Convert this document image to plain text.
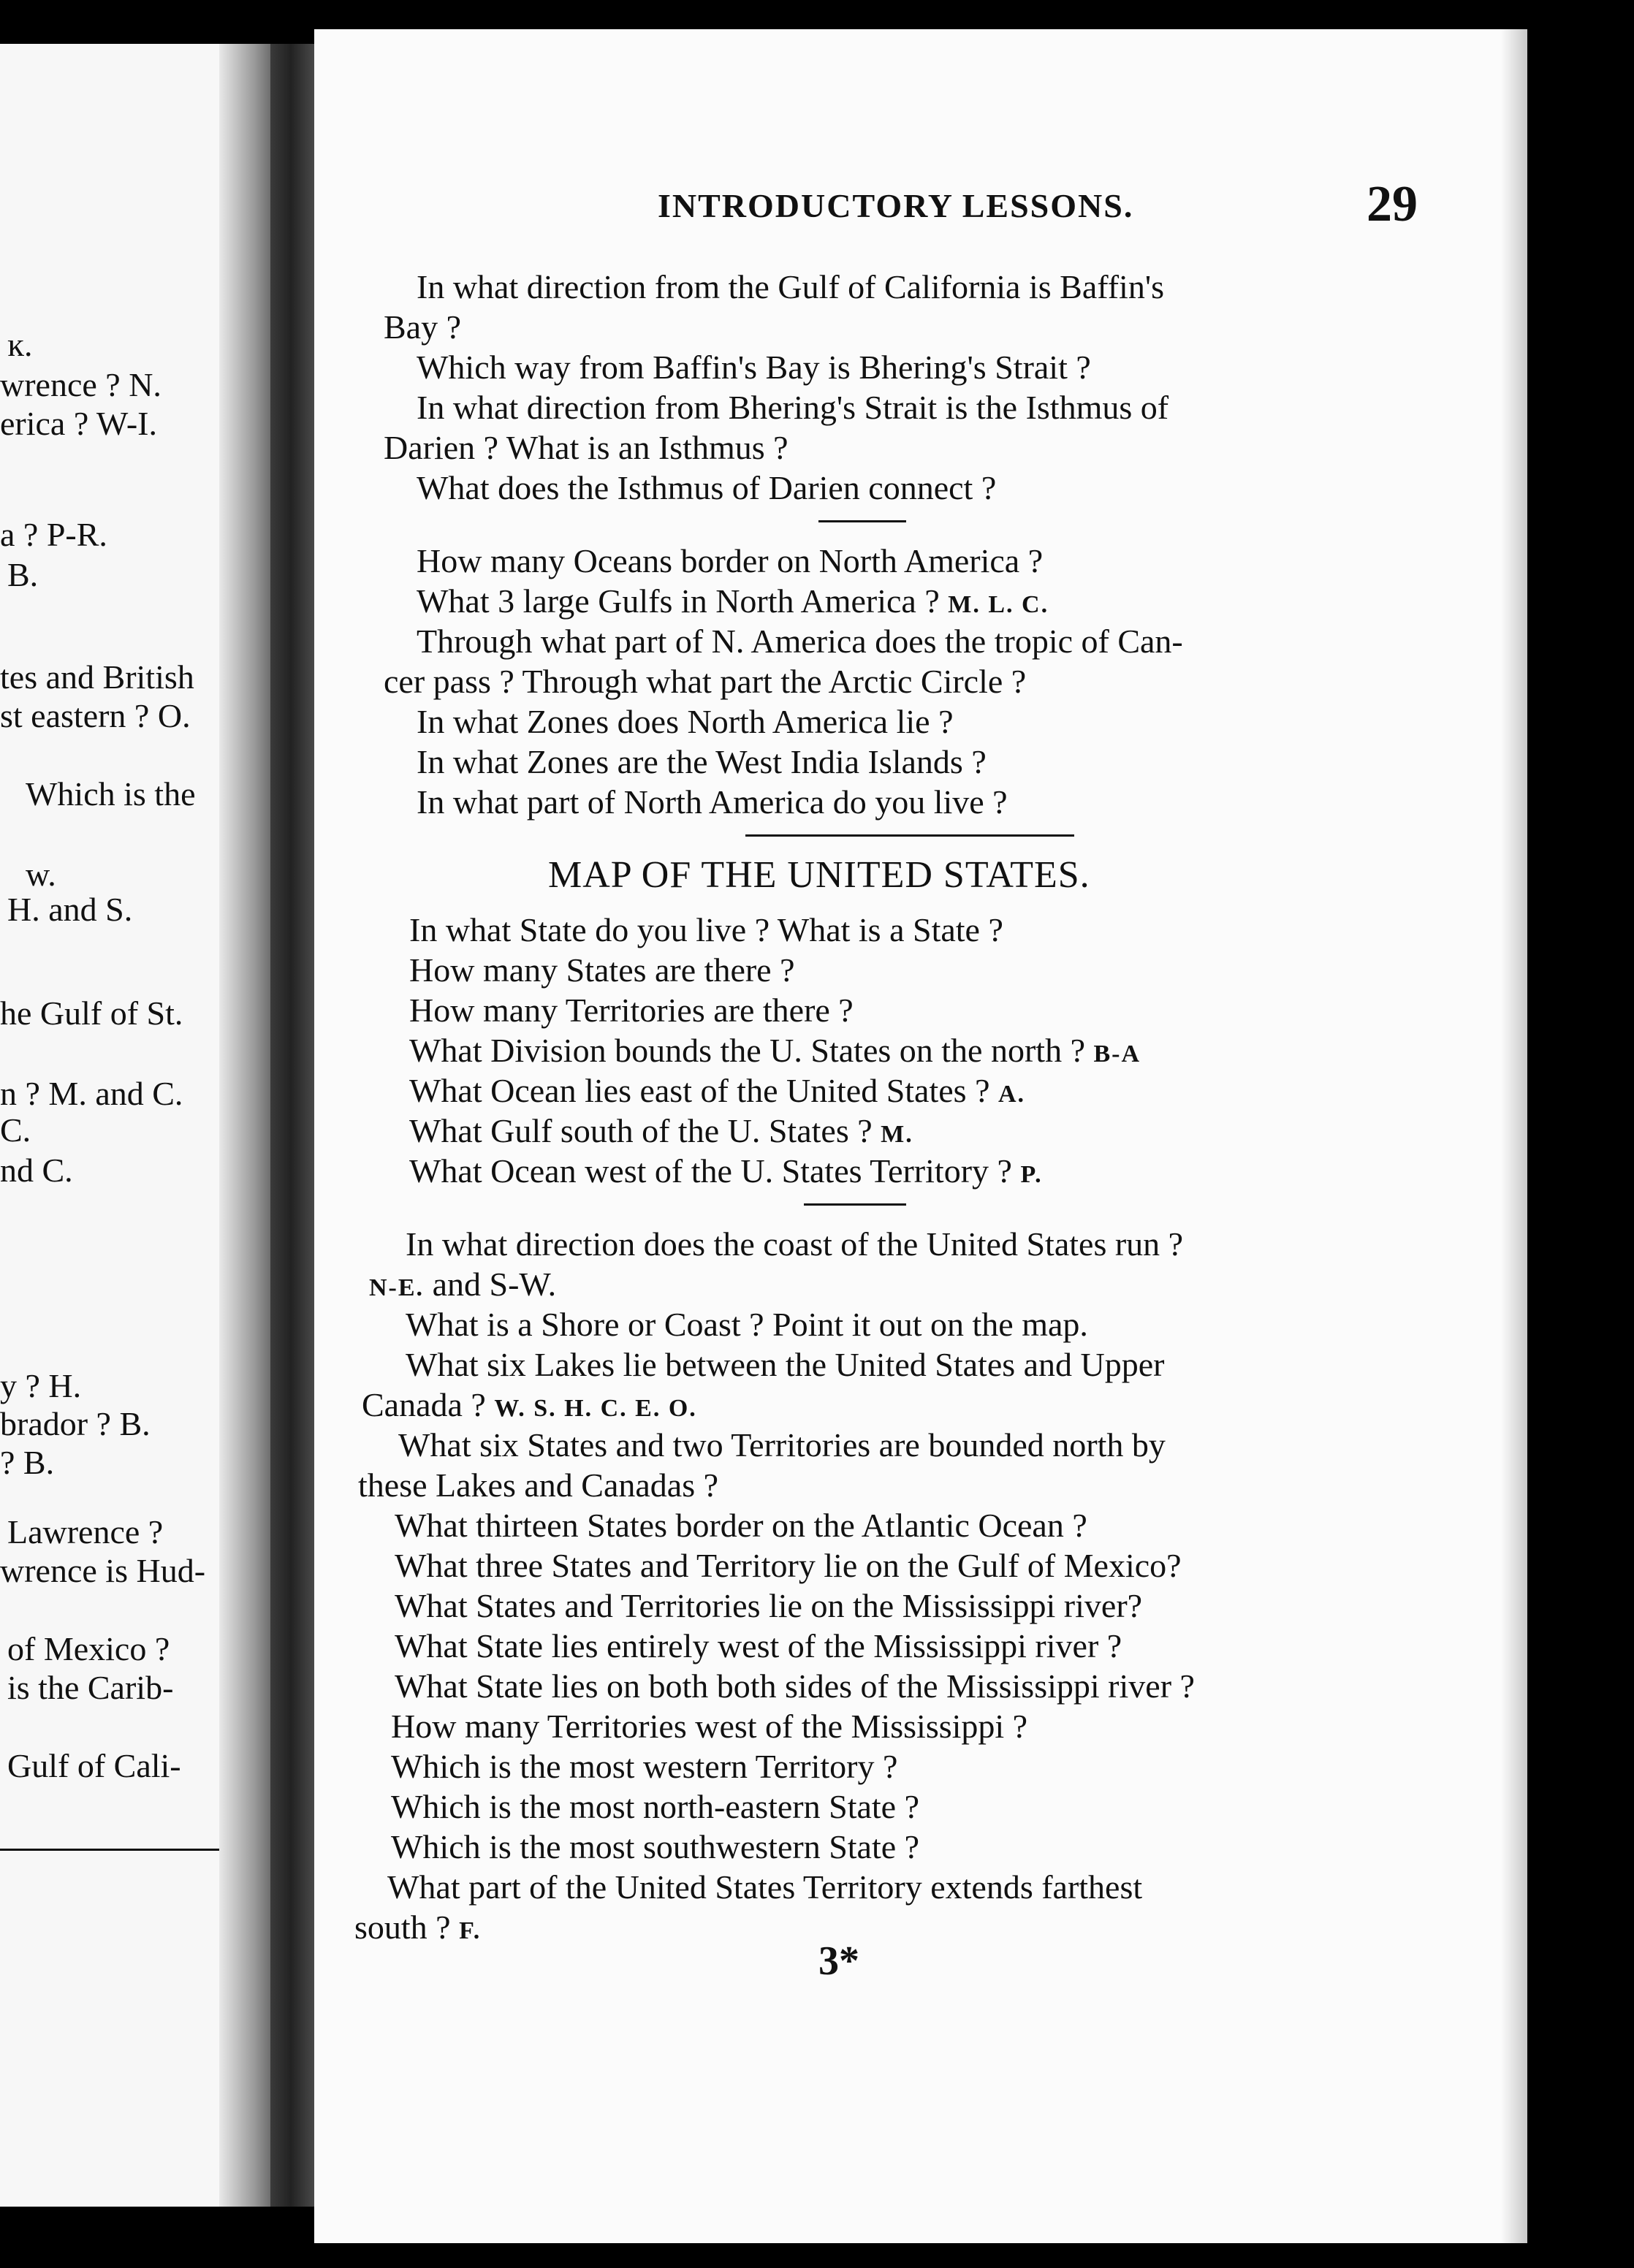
ĸ.
wrence ? N.
erica ? W-I.
a ? P-R.
B.
tes and British
st eastern ? O.
Which is the
w.
H. and S.
he Gulf of St.
n ? M. and C.
C.
nd C.
y ? H.
brador ? B.
? B.
Lawrence ?
wrence is Hud-
of Mexico ?
is the Carib-
Gulf of Cali-
INTRODUCTORY LESSONS.	29
In what direction from the Gulf of California is Baffin's
Bay ?
Which way from Baffin's Bay is Bhering's Strait ?
In what direction from Bhering's Strait is the Isthmus of
Darien ? What is an Isthmus ?
What does the Isthmus of Darien connect ?
How many Oceans border on North America ?
What 3 large Gulfs in North America ? M. L. C.
Through what part of N. America does the tropic of Can-
cer pass ? Through what part the Arctic Circle ?
In what Zones does North America lie ?
In what Zones are the West India Islands ?
In what part of North America do you live ?
MAP OF THE UNITED STATES.
In what State do you live ? What is a State ?
How many States are there ?
How many Territories are there ?
What Division bounds the U. States on the north ? B-A
What Ocean lies east of the United States ? A.
What Gulf south of the U. States ? M.
What Ocean west of the U. States Territory ? P.
In what direction does the coast of the United States run ?
N-E. and S-W.
What is a Shore or Coast ? Point it out on the map.
What six Lakes lie between the United States and Upper
Canada ? W. S. H. C. E. O.
What six States and two Territories are bounded north by
these Lakes and Canadas ?
What thirteen States border on the Atlantic Ocean ?
What three States and Territory lie on the Gulf of Mexico?
What States and Territories lie on the Mississippi river?
What State lies entirely west of the Mississippi river ?
What State lies on both both sides of the Mississippi river ?
How many Territories west of the Mississippi ?
Which is the most western Territory ?
Which is the most north-eastern State ?
Which is the most southwestern State ?
What part of the United States Territory extends farthest
south ? F.
3*
